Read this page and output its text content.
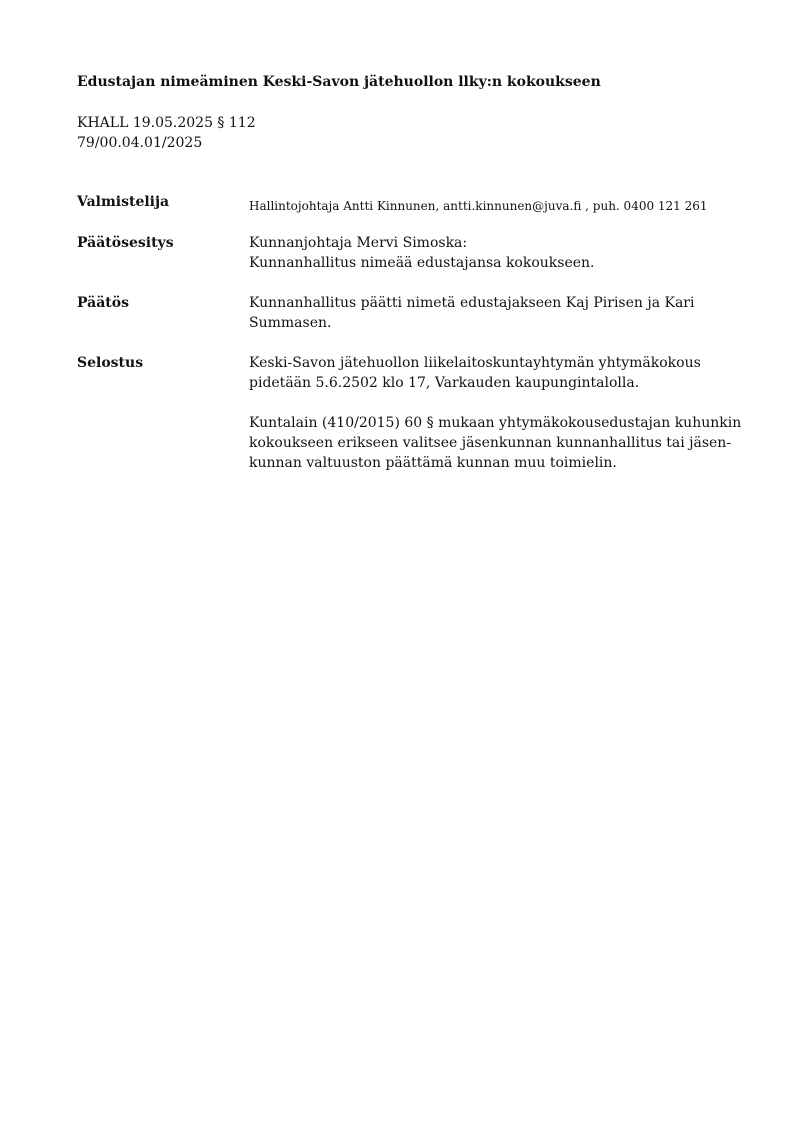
Edustajan nimeäminen Keski-Savon jätehuollon llky:n kokoukseen
KHALL 19.05.2025 § 112
79/00.04.01/2025
Valmistelija	Hallintojohtaja Antti Kinnunen, antti.kinnunen@juva.fi , puh. 0400 121 261
Päätösesitys	Kunnanjohtaja Mervi Simoska:
Kunnanhallitus nimeää edustajansa kokoukseen.
Päätös	Kunnanhallitus päätti nimetä edustajakseen Kaj Pirisen ja Kari
Summasen.
Selostus	Keski-Savon jätehuollon liikelaitoskuntayhtymän yhtymäkokous
pidetään 5.6.2502 klo 17, Varkauden kaupungintalolla.
Kuntalain (410/2015) 60 § mukaan yhtymäkokousedustajan kuhunkin
kokoukseen erikseen valitsee jäsenkunnan kunnanhallitus tai jäsen-
kunnan valtuuston päättämä kunnan muu toimielin.
